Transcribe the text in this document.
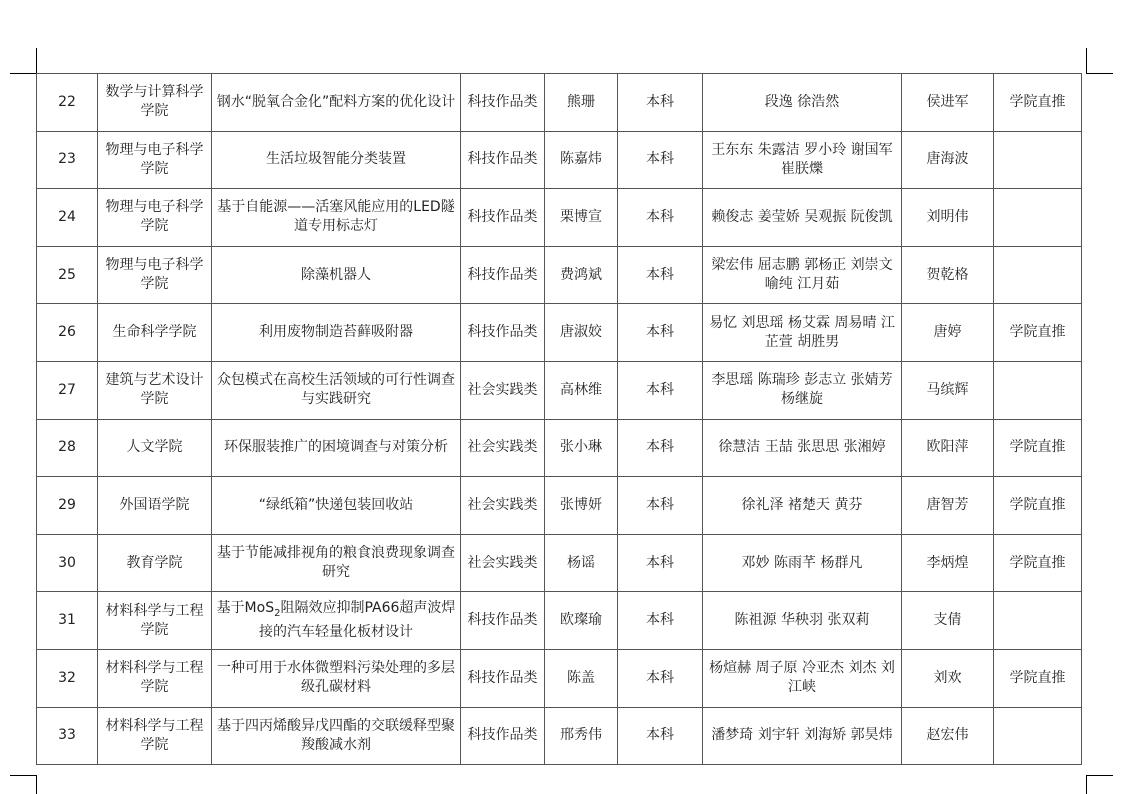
22	数学与计算科学学院	钢水“脱氧合金化”配料方案的优化设计	科技作品类	熊珊	本科	段逸 徐浩然	侯进军	学院直推
23	物理与电子科学学院	生活垃圾智能分类装置	科技作品类	陈嘉炜	本科	王东东 朱露洁 罗小玲 谢国军 崔朕爍	唐海波	
24	物理与电子科学学院	基于自能源——活塞风能应用的LED隧道专用标志灯	科技作品类	栗博宣	本科	赖俊志 姜莹娇 吴观振 阮俊凯	刘明伟	
25	物理与电子科学学院	除藻机器人	科技作品类	费鸿斌	本科	梁宏伟 屈志鹏 郭杨正 刘崇文 喻纯 江月茹	贺乾格	
26	生命科学学院	利用废物制造苔藓吸附器	科技作品类	唐淑姣	本科	易忆 刘思瑶 杨艾霖 周易晴 江芷萱 胡胜男	唐婷	学院直推
27	建筑与艺术设计学院	众包模式在高校生活领域的可行性调查与实践研究	社会实践类	高林维	本科	李思瑶 陈瑞珍 彭志立 张婧芳 杨继旋	马缤辉	
28	人文学院	环保服装推广的困境调查与对策分析	社会实践类	张小琳	本科	徐慧洁 王喆 张思思 张湘婷	欧阳萍	学院直推
29	外国语学院	“绿纸箱”快递包装回收站	社会实践类	张博妍	本科	徐礼泽 褚楚天 黄芬	唐智芳	学院直推
30	教育学院	基于节能减排视角的粮食浪费现象调查研究	社会实践类	杨谣	本科	邓妙 陈雨芊 杨群凡	李炳煌	学院直推
31	材料科学与工程学院	基于MoS$_2$阻隔效应抑制PA66超声波焊接的汽车轻量化板材设计	科技作品类	欧璨瑜	本科	陈祖源 华秧羽 张双莉	支倩	
32	材料科学与工程学院	一种可用于水体微塑料污染处理的多层级孔碳材料	科技作品类	陈盖	本科	杨煊赫 周子原 冷亚杰 刘杰 刘江峡	刘欢	学院直推
33	材料科学与工程学院	基于四丙烯酸异戊四酯的交联缓释型聚羧酸减水剂	科技作品类	邢秀伟	本科	潘梦琦 刘宇轩 刘海矫 郭昊炜	赵宏伟	
